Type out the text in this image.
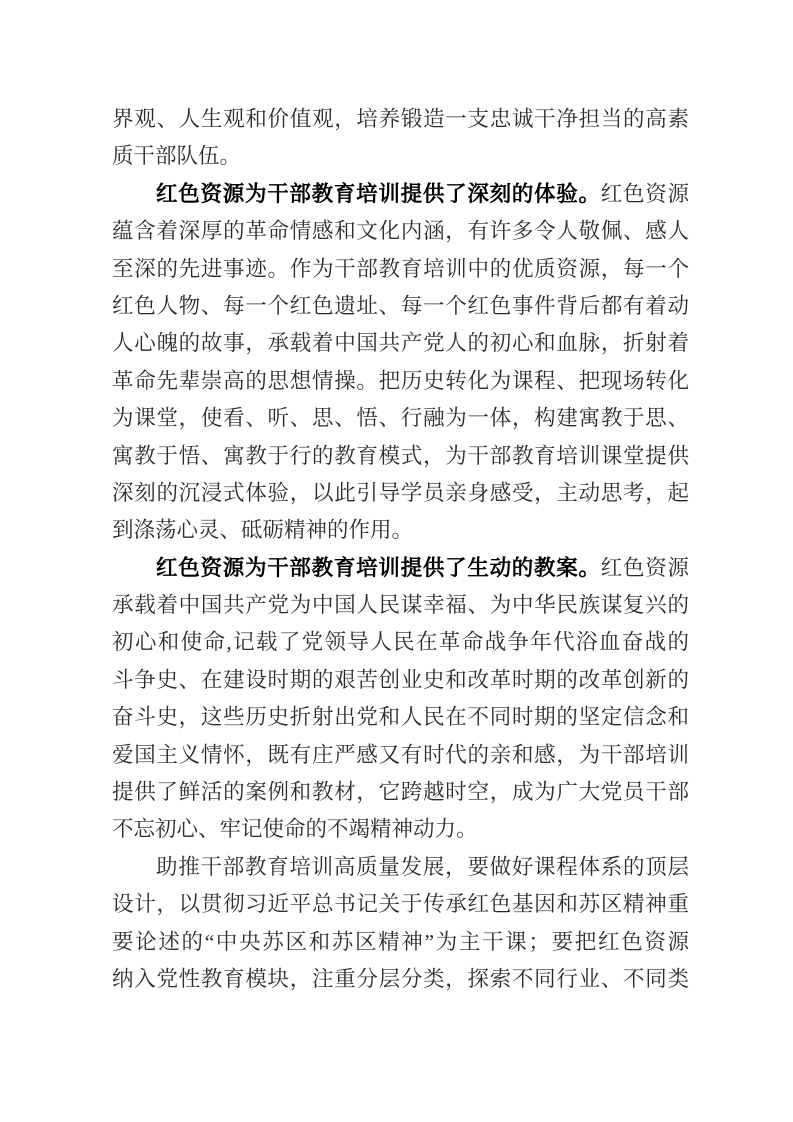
界观、人生观和价值观，培养锻造一支忠诚干净担当的高素
质干部队伍。
红色资源为干部教育培训提供了深刻的体验。红色资源
蕴含着深厚的革命情感和文化内涵，有许多令人敬佩、感人
至深的先进事迹。作为干部教育培训中的优质资源，每一个
红色人物、每一个红色遗址、每一个红色事件背后都有着动
人心魄的故事，承载着中国共产党人的初心和血脉，折射着
革命先辈崇高的思想情操。把历史转化为课程、把现场转化
为课堂，使看、听、思、悟、行融为一体，构建寓教于思、
寓教于悟、寓教于行的教育模式，为干部教育培训课堂提供
深刻的沉浸式体验，以此引导学员亲身感受，主动思考，起
到涤荡心灵、砥砺精神的作用。
红色资源为干部教育培训提供了生动的教案。红色资源
承载着中国共产党为中国人民谋幸福、为中华民族谋复兴的
初心和使命,记载了党领导人民在革命战争年代浴血奋战的
斗争史、在建设时期的艰苦创业史和改革时期的改革创新的
奋斗史，这些历史折射出党和人民在不同时期的坚定信念和
爱国主义情怀，既有庄严感又有时代的亲和感，为干部培训
提供了鲜活的案例和教材，它跨越时空，成为广大党员干部
不忘初心、牢记使命的不竭精神动力。
助推干部教育培训高质量发展，要做好课程体系的顶层
设计，以贯彻习近平总书记关于传承红色基因和苏区精神重
要论述的“中央苏区和苏区精神”为主干课；要把红色资源
纳入党性教育模块，注重分层分类，探索不同行业、不同类
